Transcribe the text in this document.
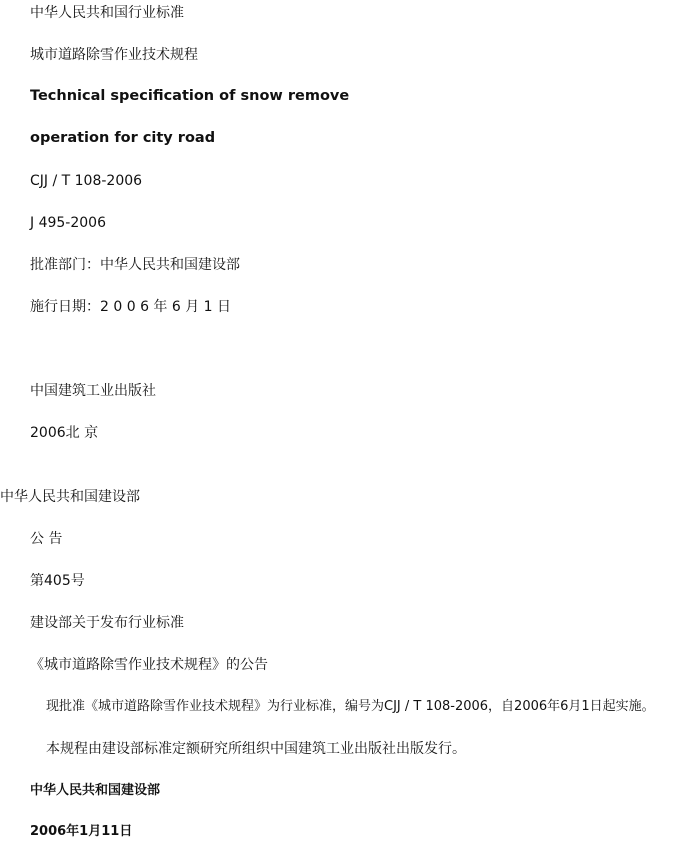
中华人民共和国行业标准
城市道路除雪作业技术规程
Technical specification of snow remove
operation for city road
CJJ / T 108-2006
J 495-2006
批准部门：中华人民共和国建设部
施行日期：2 0 0 6 年 6 月 1 日
中国建筑工业出版社
2006北 京
中华人民共和国建设部
公 告
第405号
建设部关于发布行业标准
《城市道路除雪作业技术规程》的公告
现批准《城市道路除雪作业技术规程》为行业标准，编号为CJJ / T 108-2006，自2006年6月1日起实施。
本规程由建设部标准定额研究所组织中国建筑工业出版社出版发行。
中华人民共和国建设部
2006年1月11日
